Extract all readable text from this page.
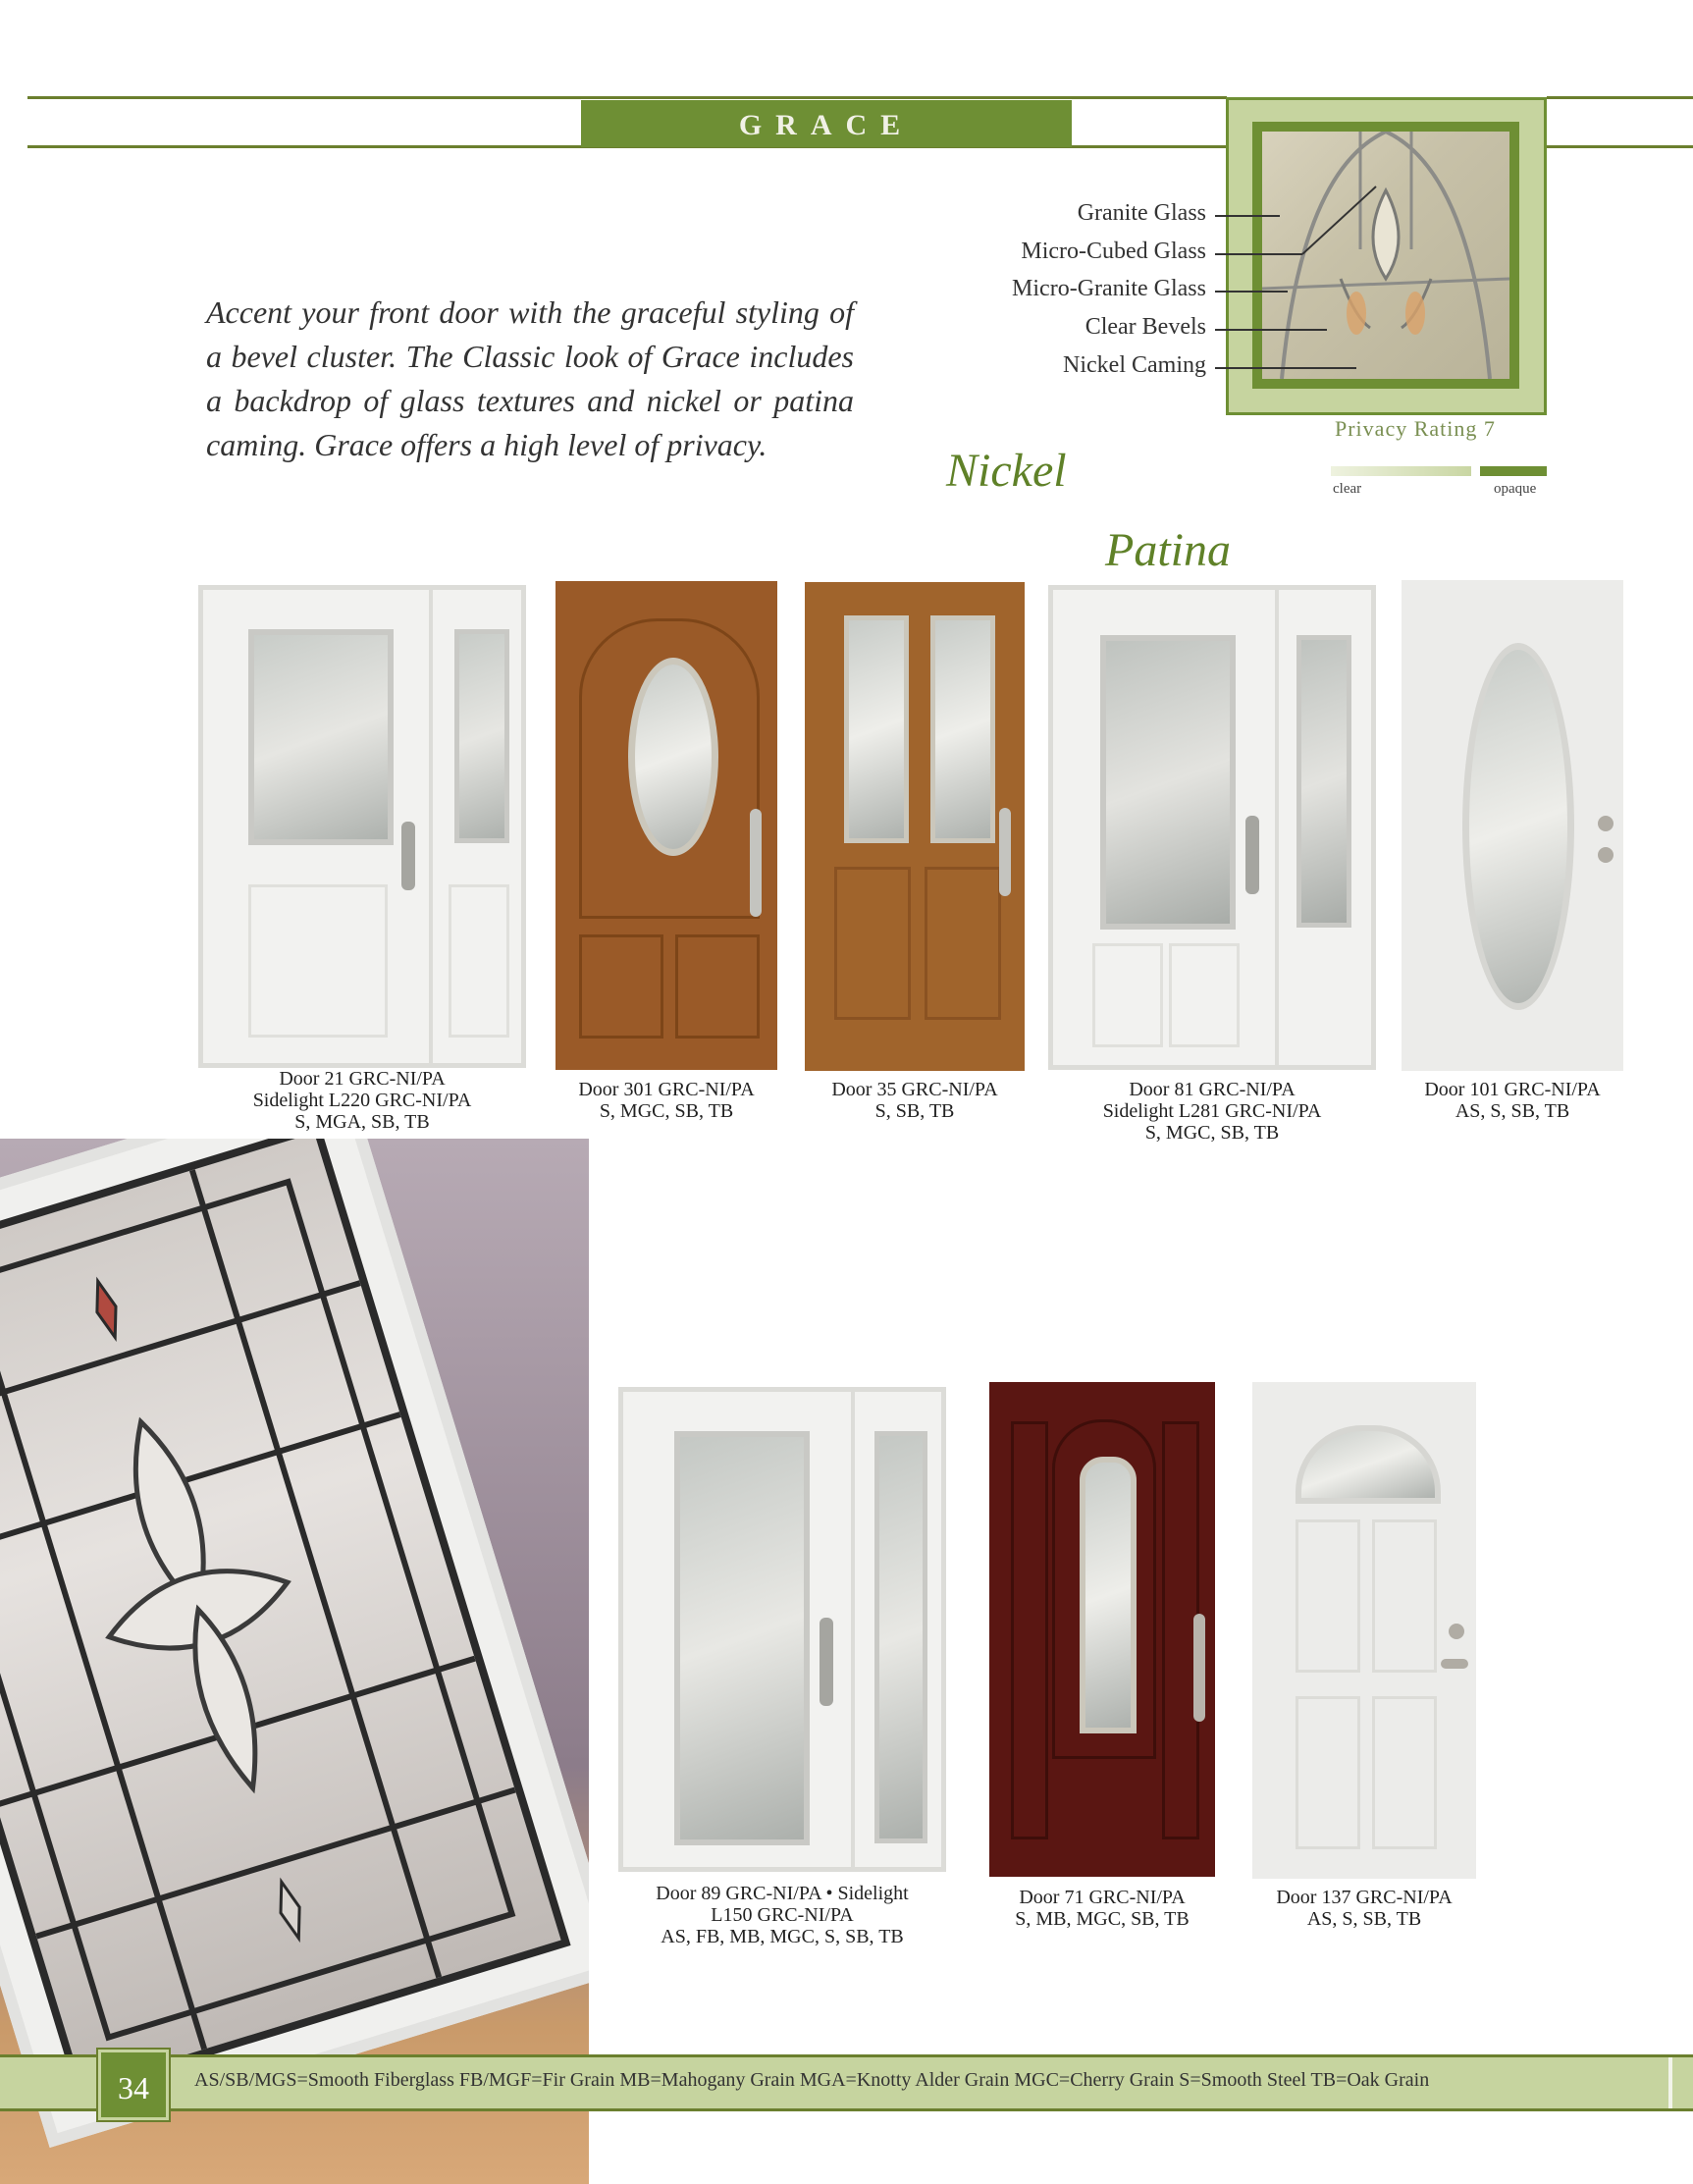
GRACE
Accent your front door with the graceful styling of a bevel cluster. The Classic look of Grace includes a backdrop of glass textures and nickel or patina caming. Grace offers a high level of privacy.
Granite Glass
Micro-Cubed Glass
Micro-Granite Glass
Clear Bevels
Nickel Caming
Privacy Rating 7
clear	opaque
Nickel
Patina
Door 21 GRC-NI/PA
Sidelight L220 GRC-NI/PA
S, MGA, SB, TB
Door 301 GRC-NI/PA
S, MGC, SB, TB
Door 35 GRC-NI/PA
S, SB, TB
Door 81 GRC-NI/PA
Sidelight L281 GRC-NI/PA
S, MGC, SB, TB
Door 101 GRC-NI/PA
AS, S, SB, TB
Door 89 GRC-NI/PA • Sidelight
L150 GRC-NI/PA
AS, FB, MB, MGC, S, SB, TB
Door 71 GRC-NI/PA
S, MB, MGC, SB, TB
Door 137 GRC-NI/PA
AS, S, SB, TB
34	AS/SB/MGS=Smooth Fiberglass FB/MGF=Fir Grain MB=Mahogany Grain MGA=Knotty Alder Grain MGC=Cherry Grain S=Smooth Steel TB=Oak Grain
